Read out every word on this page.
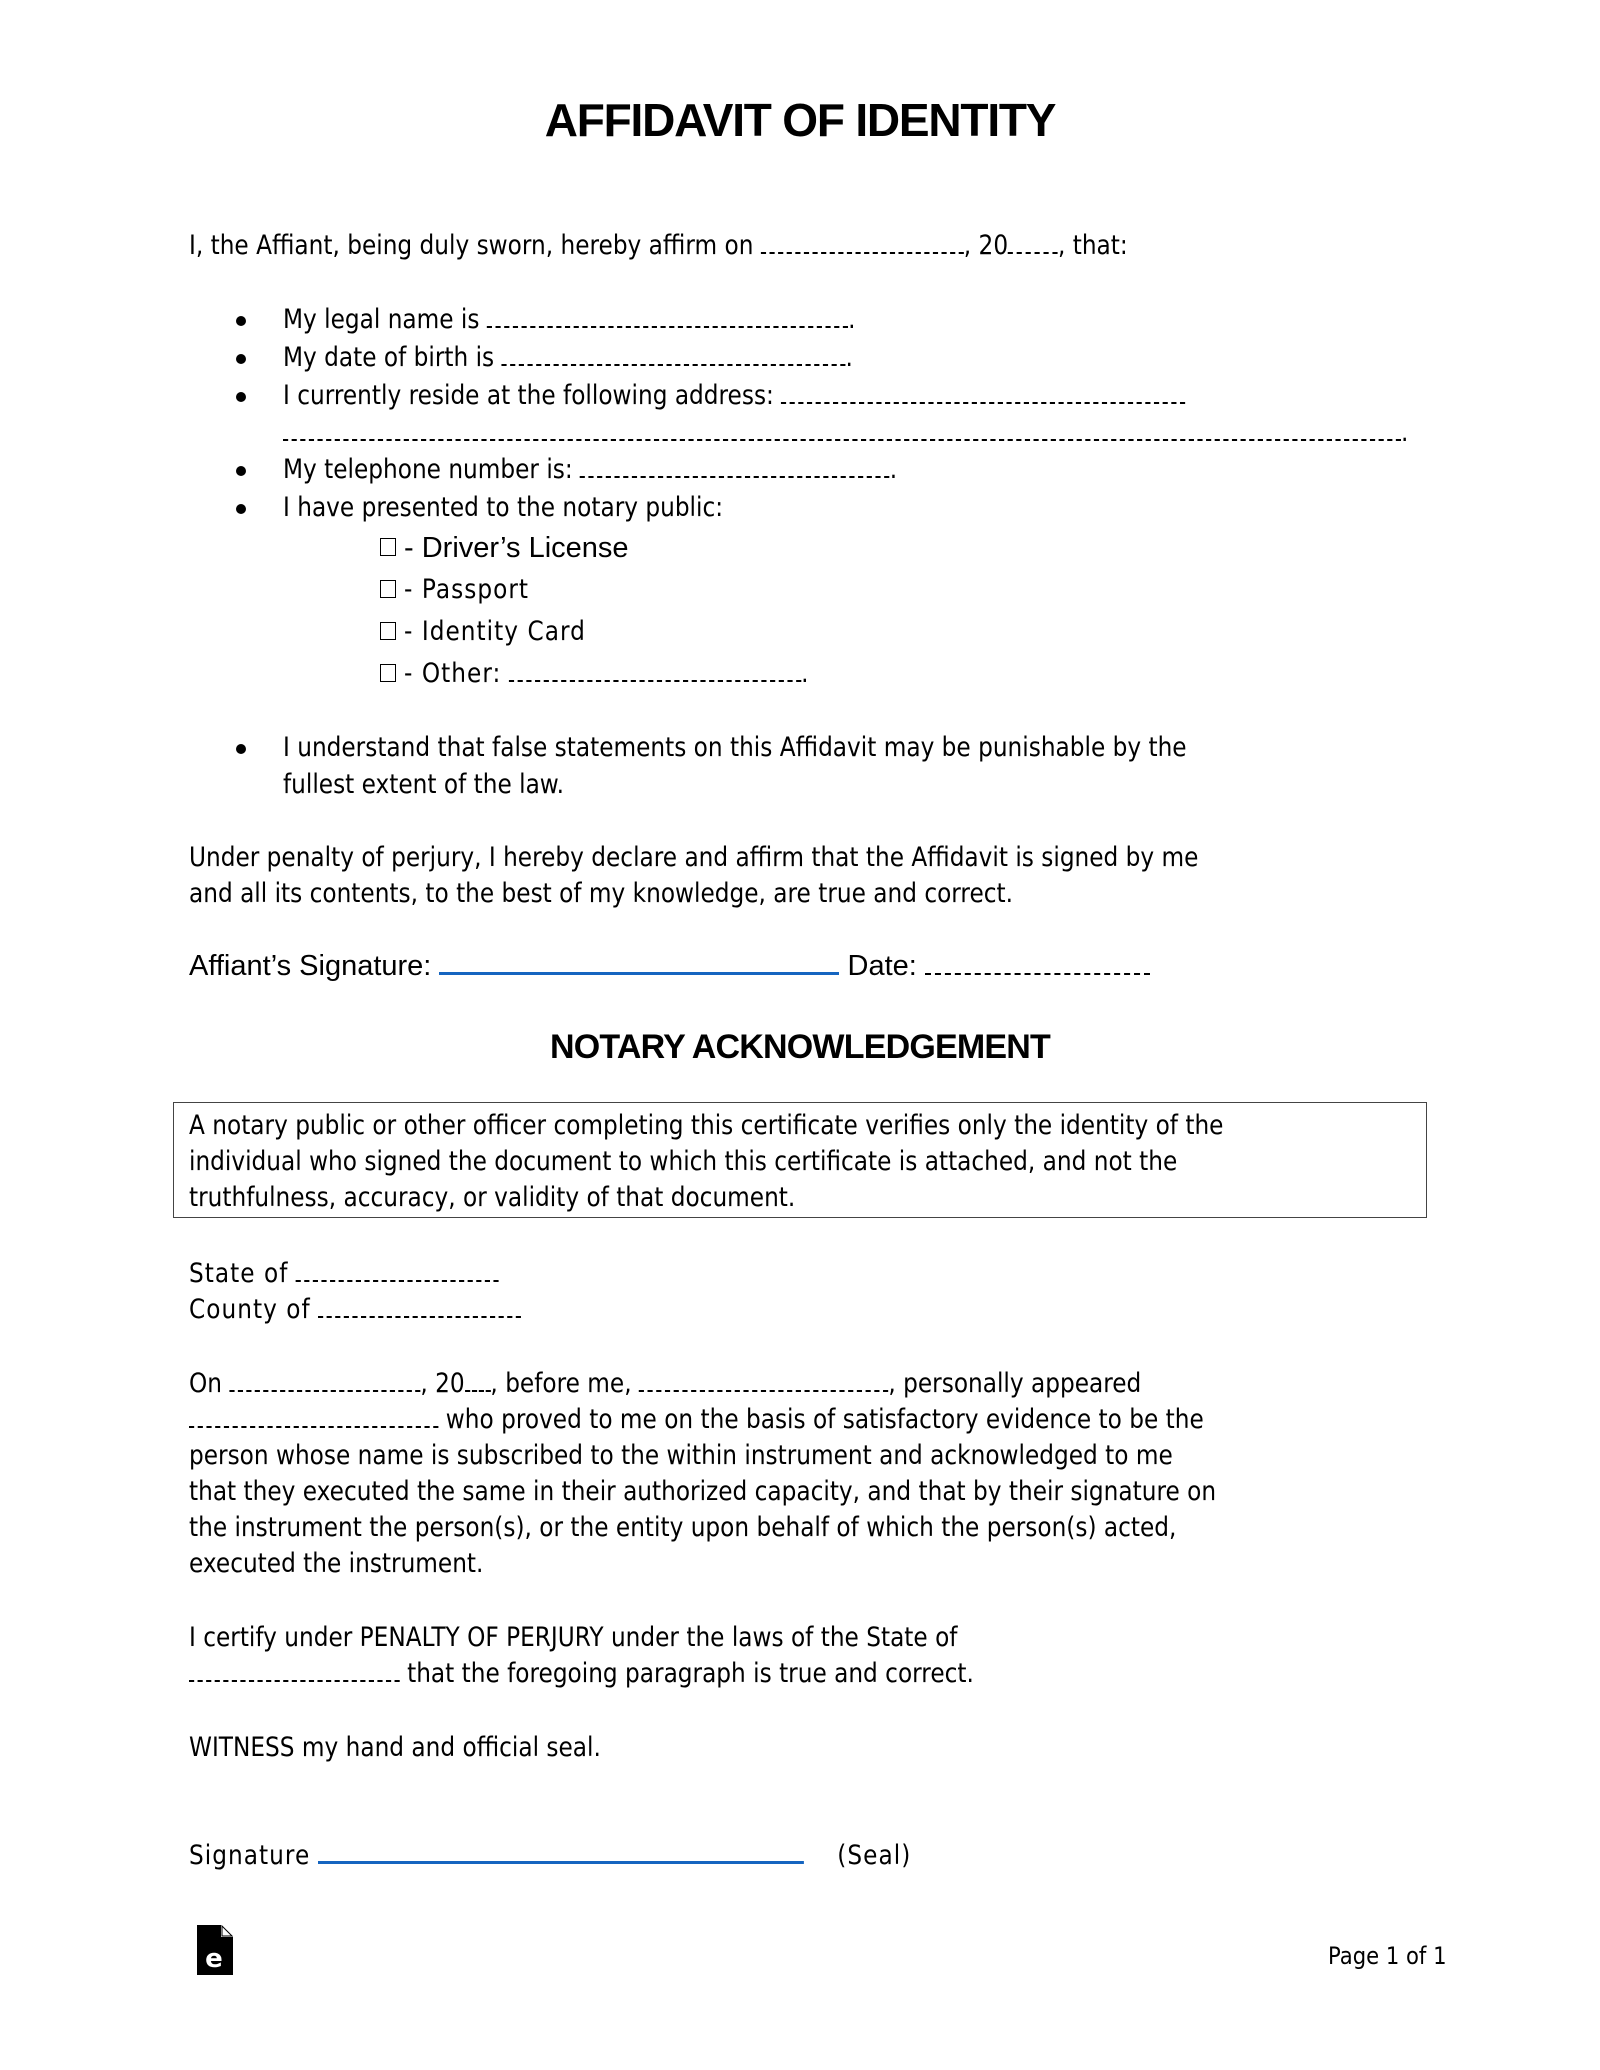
AFFIDAVIT OF IDENTITY
I, the Affiant, being duly sworn, hereby affirm on	, 20 , that:
My legal name is	.
My date of birth is	.
I currently reside at the following address:
.
My telephone number is:	.
I have presented to the notary public:
- Driver’s License
- Passport
- Identity Card
- Other:	.
I understand that false statements on this Affidavit may be punishable by the
fullest extent of the law.
Under penalty of perjury, I hereby declare and affirm that the Affidavit is signed by me
and all its contents, to the best of my knowledge, are true and correct.
Affiant’s Signature:	Date:
NOTARY ACKNOWLEDGEMENT
A notary public or other officer completing this certificate verifies only the identity of the
individual who signed the document to which this certificate is attached, and not the
truthfulness, accuracy, or validity of that document.
State of
County of
On	, 20 , before me,	, personally appeared
who proved to me on the basis of satisfactory evidence to be the
person whose name is subscribed to the within instrument and acknowledged to me
that they executed the same in their authorized capacity, and that by their signature on
the instrument the person(s), or the entity upon behalf of which the person(s) acted,
executed the instrument.
I certify under PENALTY OF PERJURY under the laws of the State of
that the foregoing paragraph is true and correct.
WITNESS my hand and official seal.
Signature	(Seal)
e	Page 1 of 1
